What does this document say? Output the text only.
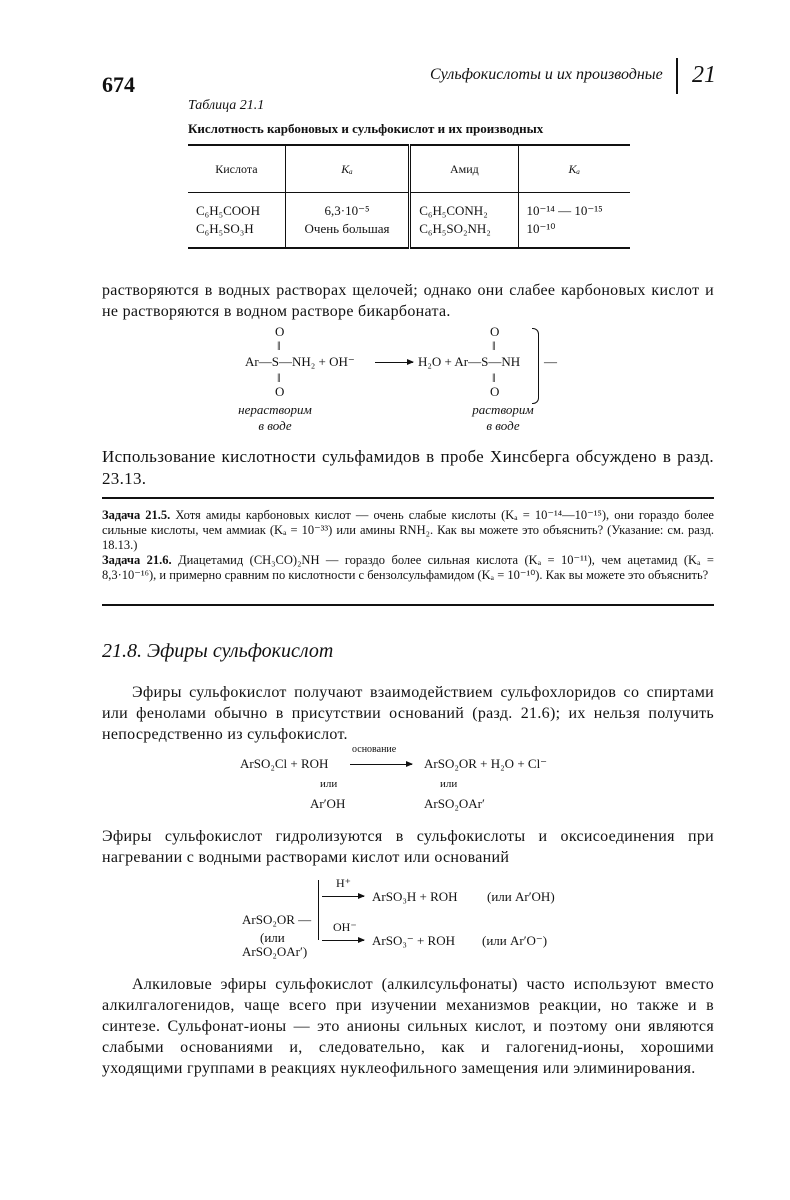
674	Сульфокислоты и их производные 21
Таблица 21.1
Кислотность карбоновых и сульфокислот и их производных
Кислота	Kₐ	Амид	Kₐ
C₆H₅COOH	6,3·10⁻⁵	C₆H₅CONH₂	10⁻¹⁴ — 10⁻¹⁵
C₆H₅SO₃H	Очень большая	C₆H₅SO₂NH₂	10⁻¹⁰
растворяются в водных растворах щелочей; однако они слабее карбоновых кислот и не растворяются в водном растворе бикарбоната.
O
‖
Ar—S—NH₂ + OH⁻
‖
O
O
‖
H₂O + Ar—S—NH
‖
O
—
нерастворим
в воде
растворим
в воде
Использование кислотности сульфамидов в пробе Хинсберга обсуждено в разд. 23.13.
Задача 21.5. Хотя амиды карбоновых кислот — очень слабые кислоты (Kₐ = 10⁻¹⁴—10⁻¹⁵), они гораздо более сильные кислоты, чем аммиак (Kₐ = 10⁻³³) или амины RNH₂. Как вы можете это объяснить? (Указание: см. разд. 18.13.)
Задача 21.6. Диацетамид (CH₃CO)₂NH — гораздо более сильная кислота (Kₐ = 10⁻¹¹), чем ацетамид (Kₐ = 8,3·10⁻¹⁶), и примерно сравним по кислотности с бензолсульфамидом (Kₐ = 10⁻¹⁰). Как вы можете это объяснить?
21.8. Эфиры сульфокислот
Эфиры сульфокислот получают взаимодействием сульфохлоридов со спиртами или фенолами обычно в присутствии оснований (разд. 21.6); их нельзя получить непосредственно из сульфокислот.
основание
ArSO₂Cl + ROH	ArSO₂OR + H₂O + Cl⁻
или	или
Ar′OH	ArSO₂OAr′
Эфиры сульфокислот гидролизуются в сульфокислоты и оксисоединения при нагревании с водными растворами кислот или оснований
ArSO₂OR —
(или
ArSO₂OAr′)
H⁺
→ ArSO₃H + ROH (или Ar′OH)
OH⁻
→ ArSO₃⁻ + ROH (или Ar′O⁻)
Алкиловые эфиры сульфокислот (алкилсульфонаты) часто используют вместо алкилгалогенидов, чаще всего при изучении механизмов реакции, но также и в синтезе. Сульфонат-ионы — это анионы сильных кислот, и поэтому они являются слабыми основаниями и, следовательно, как и галогенид-ионы, хорошими уходящими группами в реакциях нуклеофильного замещения или элиминирования.
